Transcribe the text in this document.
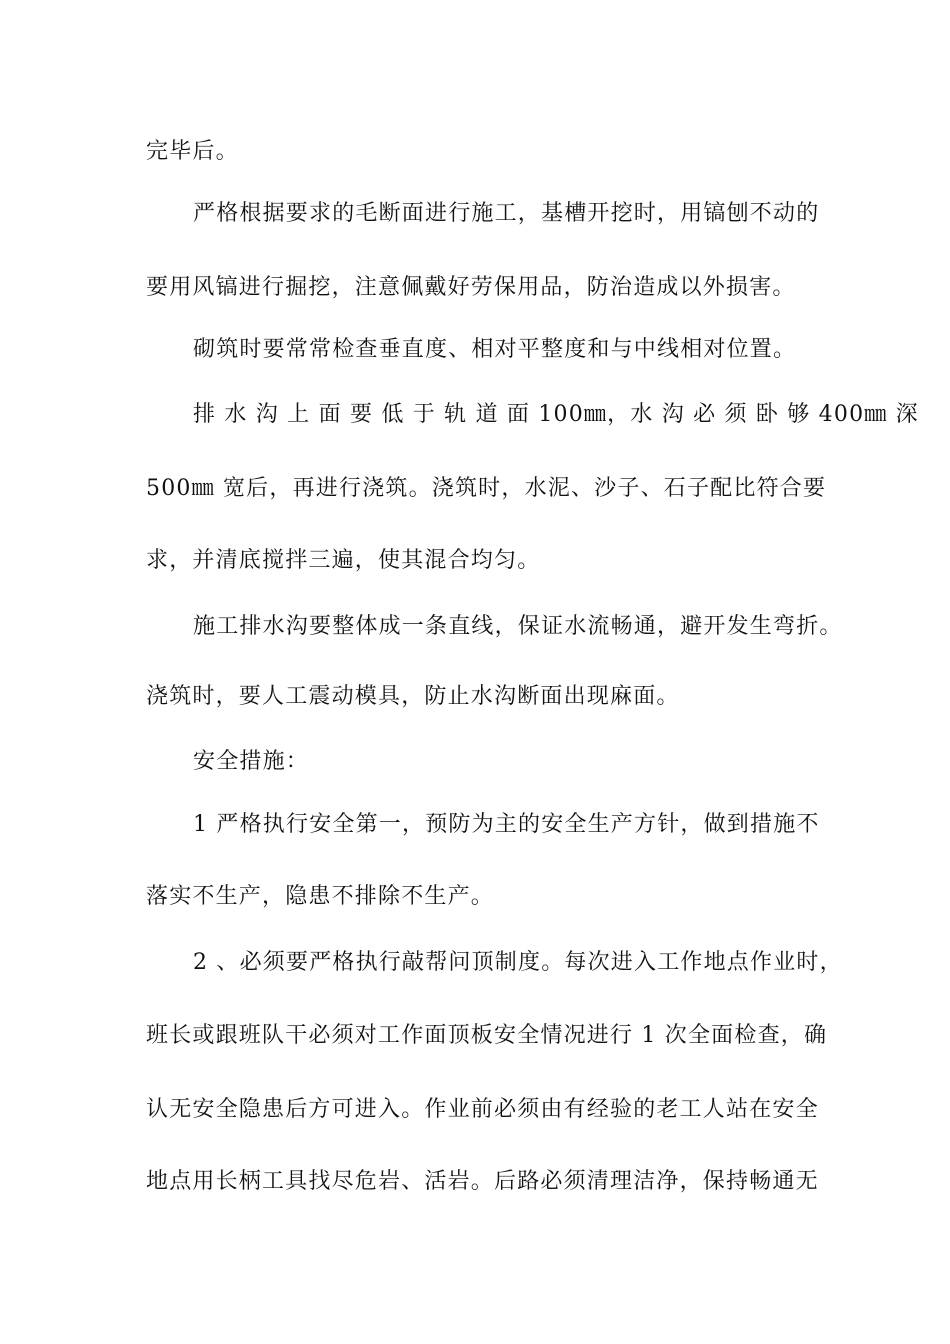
完毕后。
严格根据要求的毛断面进行施工，基槽开挖时，用镐刨不动的
要用风镐进行掘挖，注意佩戴好劳保用品，防治造成以外损害。
砌筑时要常常检查垂直度、相对平整度和与中线相对位置。
排 水 沟 上 面 要 低 于 轨 道 面 100㎜，水 沟 必 须 卧 够 400㎜ 深
500㎜ 宽后，再进行浇筑。浇筑时，水泥、沙子、石子配比符合要
求，并清底搅拌三遍，使其混合均匀。
施工排水沟要整体成一条直线，保证水流畅通，避开发生弯折。
浇筑时，要人工震动模具，防止水沟断面出现麻面。
安全措施：
1 严格执行安全第一，预防为主的安全生产方针，做到措施不
落实不生产，隐患不排除不生产。
2 、必须要严格执行敲帮问顶制度。每次进入工作地点作业时，
班长或跟班队干必须对工作面顶板安全情况进行 1 次全面检查，确
认无安全隐患后方可进入。作业前必须由有经验的老工人站在安全
地点用长柄工具找尽危岩、活岩。后路必须清理洁净，保持畅通无
